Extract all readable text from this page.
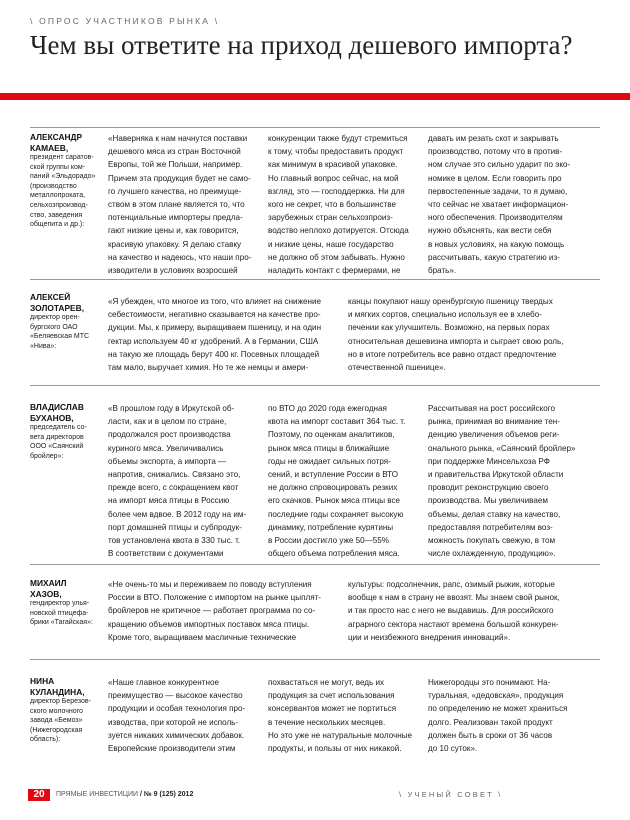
\ ОПРОС УЧАСТНИКОВ РЫНКА \
Чем вы ответите на приход дешевого импорта?
АЛЕКСАНДР КАМАЕВ,
президент саратов-ской группы ком-паний «Эльдорадо» (производство металлопроката, сельхозпроизвод-ство, заведения общепита и др.):
«Наверняка к нам начнутся поставки
дешевого мяса из стран Восточной
Европы, той же Польши, например.
Причем эта продукция будет не само-
го лучшего качества, но преимуще-
ством в этом плане является то, что
потенциальные импортеры предла-
гают низкие цены и, как говорится,
красивую упаковку. Я делаю ставку
на качество и надеюсь, что наши про-
изводители в условиях возросшей
конкуренции также будут стремиться
к тому, чтобы предоставить продукт
как минимум в красивой упаковке.
Но главный вопрос сейчас, на мой
взгляд, это — господдержка. Ни для
кого не секрет, что в большинстве
зарубежных стран сельхозпроиз-
водство неплохо дотируется. Отсюда
и низкие цены, наше государство
не должно об этом забывать. Нужно
наладить контакт с фермерами, не
давать им резать скот и закрывать
производство, потому что в против-
ном случае это сильно ударит по эко-
номике в целом. Если говорить про
первостепенные задачи, то я думаю,
что сейчас не хватает информацион-
ного обеспечения. Производителям
нужно объяснять, как вести себя
в новых условиях, на какую помощь
рассчитывать, какую стратегию из-
брать».
АЛЕКСЕЙ ЗОЛОТАРЕВ,
директор орен-бургского ОАО «Беляевская МТС «Нива»:
«Я убежден, что многое из того, что влияет на снижение
себестоимости, негативно сказывается на качестве про-
дукции. Мы, к примеру, выращиваем пшеницу, и на один
гектар используем 40 кг удобрений. А в Германии, США
на такую же площадь берут 400 кг. Посевных площадей
там мало, выручает химия. Но те же немцы и амери-
канцы покупают нашу оренбургскую пшеницу твердых
и мягких сортов, специально используя ее в хлебо-
печении как улучшитель. Возможно, на первых порах
относительная дешевизна импорта и сыграет свою роль,
но в итоге потребитель все равно отдаст предпочтение
отечественной пшенице».
ВЛАДИСЛАВ БУХАНОВ,
председатель со-вета директоров ООО «Саянский бройлер»:
«В прошлом году в Иркутской об-
ласти, как и в целом по стране,
продолжался рост производства
куриного мяса. Увеличивались
объемы экспорта, а импорта —
напротив, снижались. Связано это,
прежде всего, с сокращением квот
на импорт мяса птицы в Россию
более чем вдвое. В 2012 году на им-
порт домашней птицы и субпродук-
тов установлена квота в 330 тыс. т.
В соответствии с документами
по ВТО до 2020 года ежегодная
квота на импорт составит 364 тыс. т.
Поэтому, по оценкам аналитиков,
рынок мяса птицы в ближайшие
годы не ожидает сильных потря-
сений, и вступление России в ВТО
не должно спровоцировать резких
его скачков. Рынок мяса птицы все
последние годы сохраняет высокую
динамику, потребление курятины
в России достигло уже 50—55%
общего объема потребления мяса.
Рассчитывая на рост российского
рынка, принимая во внимание тен-
денцию увеличения объемов реги-
онального рынка, «Саянский бройлер»
при поддержке Минсельхоза РФ
и правительства Иркутской области
проводит реконструкцию своего
производства. Мы увеличиваем
объемы, делая ставку на качество,
предоставляя потребителям воз-
можность покупать свежую, в том
числе охлажденную, продукцию».
МИХАИЛ ХАЗОВ,
гендиректор улья-новской птицефа-брики «Тагайская»:
«Не очень-то мы и переживаем по поводу вступления
России в ВТО. Положение с импортом на рынке цыплят-
бройлеров не критичное — работает программа по со-
кращению объемов импортных поставок мяса птицы.
Кроме того, выращиваем масличные технические
культуры: подсолнечник, рапс, озимый рыжик, которые
вообще к нам в страну не ввозят. Мы знаем свой рынок,
и так просто нас с него не выдавишь. Для российского
аграрного сектора настают времена большой конкурен-
ции и неизбежного внедрения инноваций».
НИНА КУЛАНДИНА,
директор Березов-ского молочного завода «Бемоз» (Нижегородская область):
«Наше главное конкурентное
преимущество — высокое качество
продукции и особая технология про-
изводства, при которой не исполь-
зуется никаких химических добавок.
Европейские производители этим
похвастаться не могут, ведь их
продукция за счет использования
консервантов может не портиться
в течение нескольких месяцев.
Но это уже не натуральные молочные
продукты, и пользы от них никакой.
Нижегородцы это понимают. На-
туральная, «дедовская», продукция
по определению не может храниться
долго. Реализован такой продукт
должен быть в сроки от 36 часов
до 10 суток».
20	ПРЯМЫЕ ИНВЕСТИЦИИ / № 9 (125) 2012	\ УЧЕНЫЙ СОВЕТ \
